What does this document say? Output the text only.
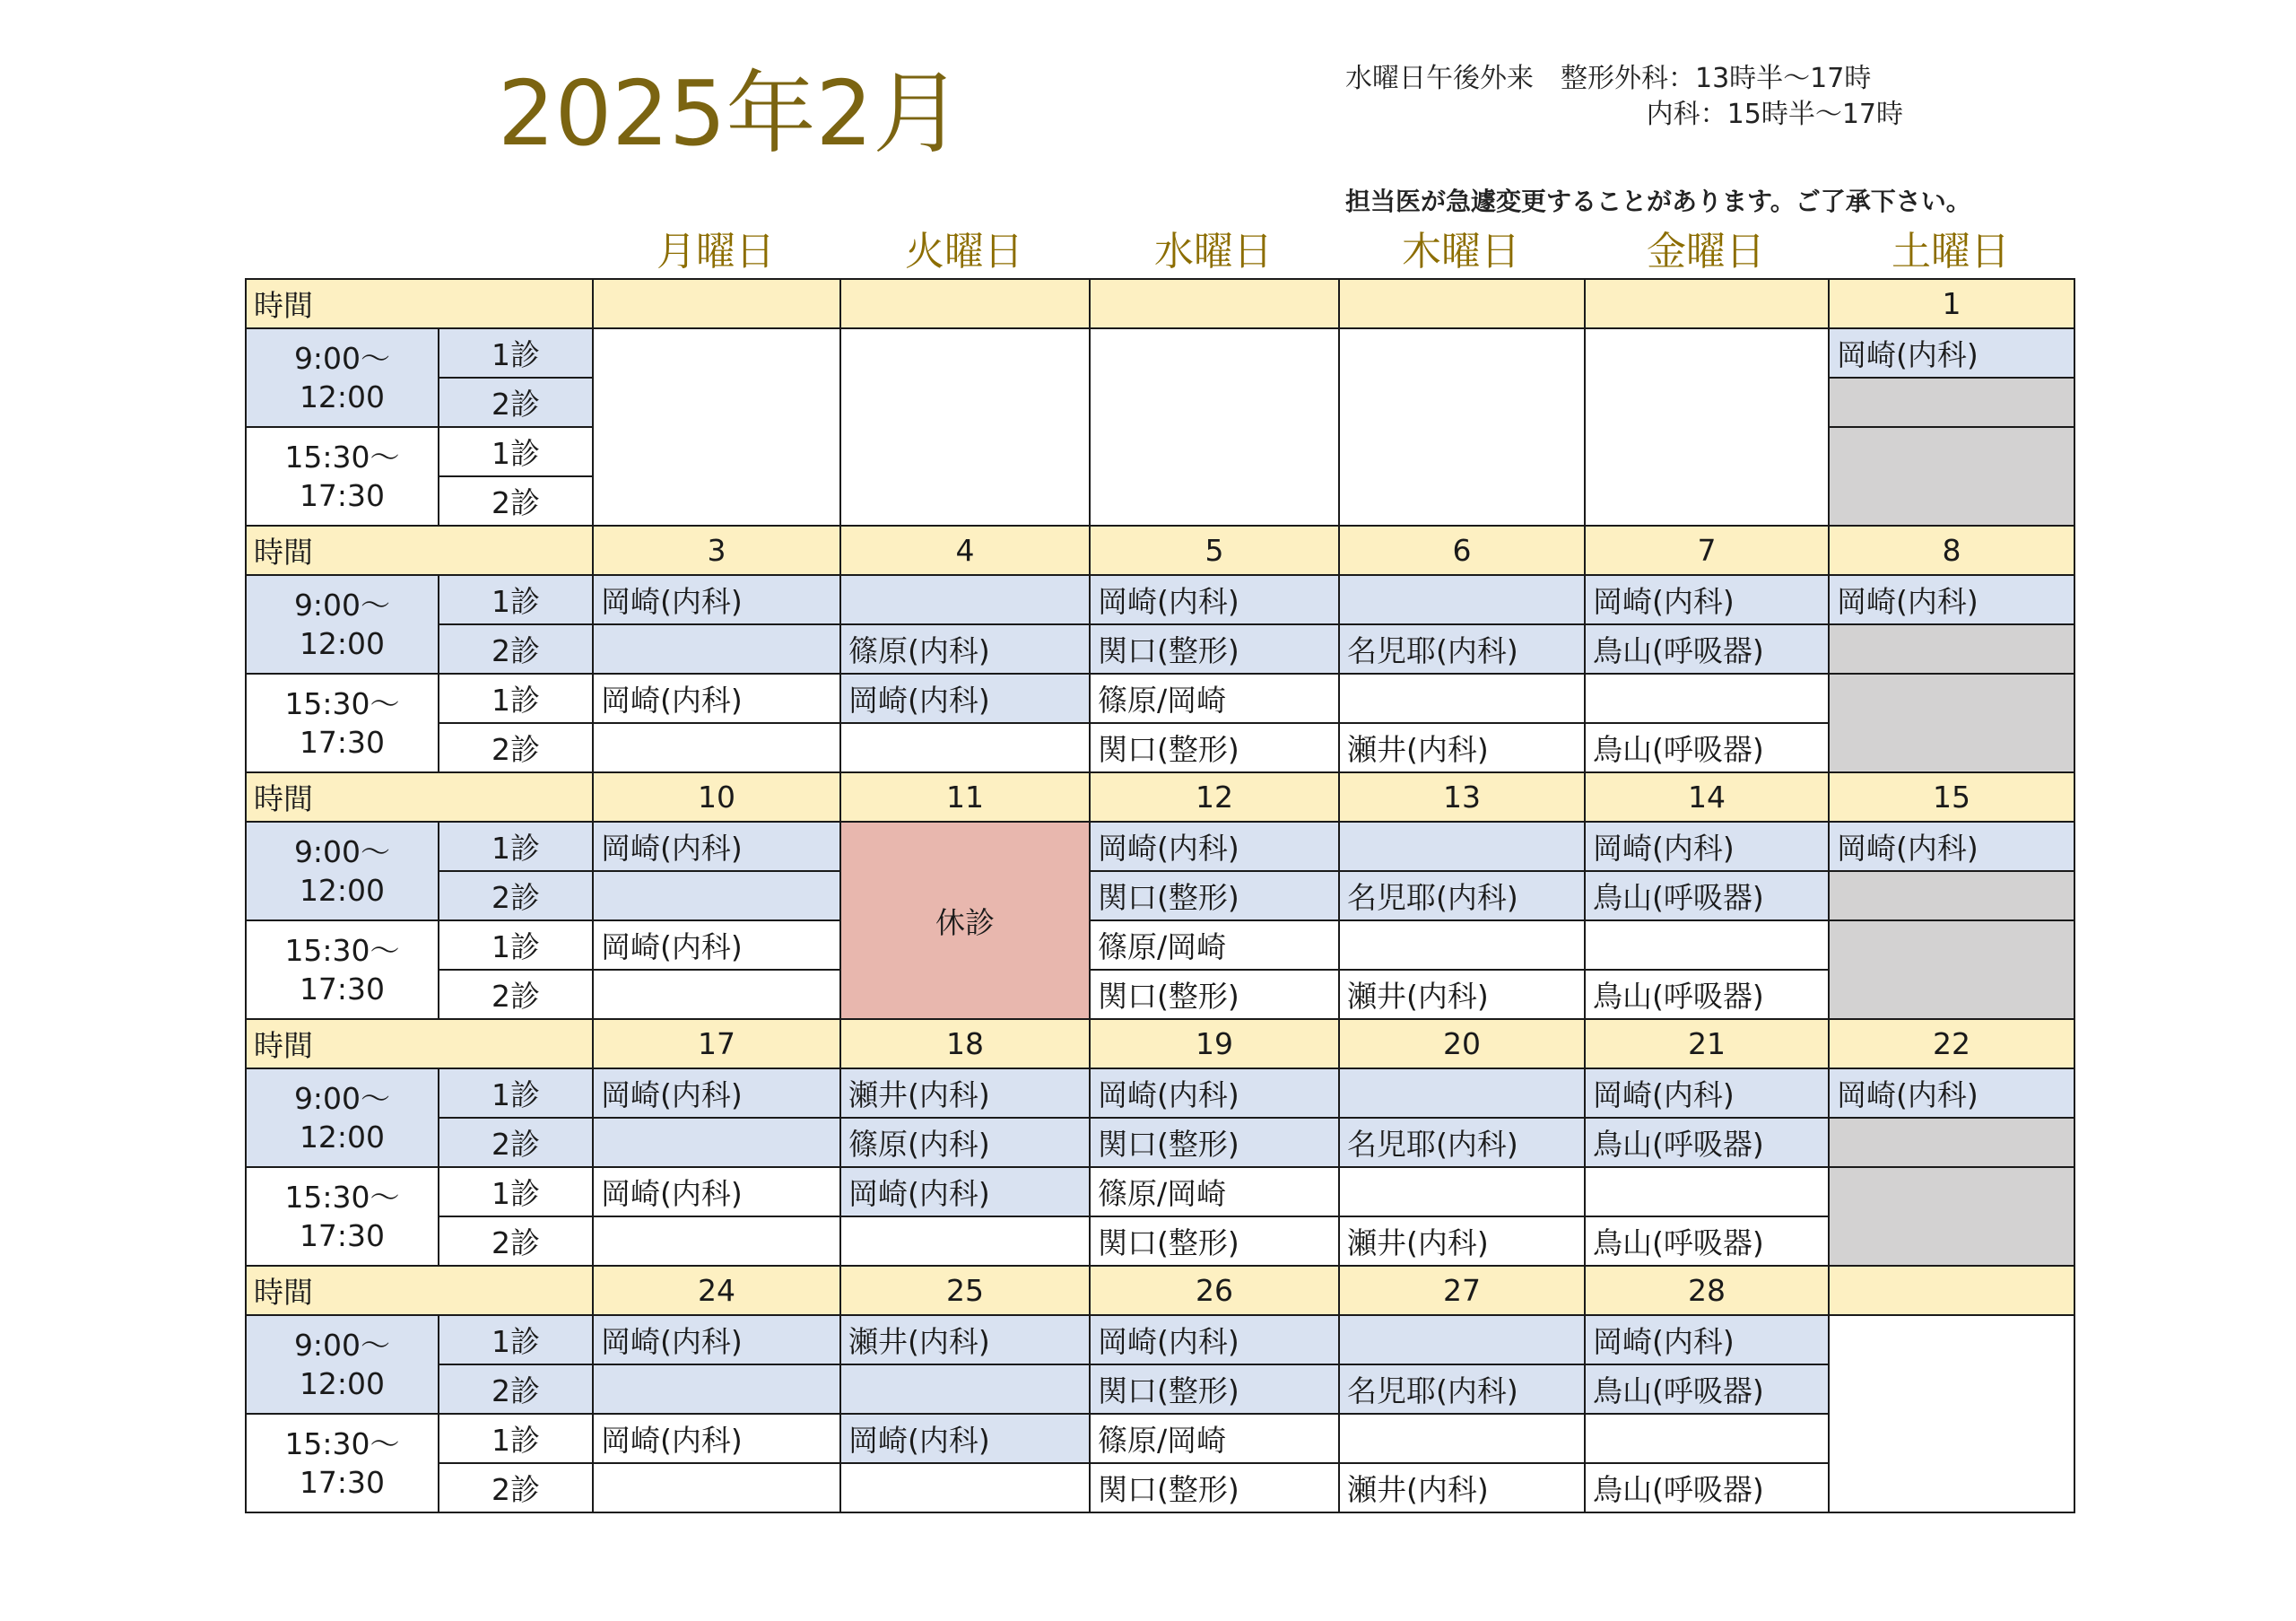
2025年2月	水曜日午後外来　整形外科：13時半～17時
内科：15時半～17時
担当医が急遽変更することがあります。ご了承下さい。
月曜日	火曜日	水曜日	木曜日	金曜日	土曜日
時間							1

9:00～
12:00	1診						岡崎(内科)
	2診						

15:30～
17:30	1診						
	2診						
時間		3	4	5	6	7	8

9:00～
12:00	1診	岡崎(内科)		岡崎(内科)		岡崎(内科)	岡崎(内科)
	2診		篠原(内科)	関口(整形)	名児耶(内科)	鳥山(呼吸器)	

15:30～
17:30	1診	岡崎(内科)	岡崎(内科)	篠原/岡崎			
	2診			関口(整形)	瀬井(内科)	鳥山(呼吸器)	
時間		10	11	12	13	14	15

9:00～
12:00	1診	岡崎(内科)	休診	岡崎(内科)		岡崎(内科)	岡崎(内科)
	2診			関口(整形)	名児耶(内科)	鳥山(呼吸器)	

15:30～
17:30	1診	岡崎(内科)		篠原/岡崎			
	2診			関口(整形)	瀬井(内科)	鳥山(呼吸器)	
時間		17	18	19	20	21	22

9:00～
12:00	1診	岡崎(内科)	瀬井(内科)	岡崎(内科)		岡崎(内科)	岡崎(内科)
	2診		篠原(内科)	関口(整形)	名児耶(内科)	鳥山(呼吸器)	

15:30～
17:30	1診	岡崎(内科)	岡崎(内科)	篠原/岡崎			
	2診			関口(整形)	瀬井(内科)	鳥山(呼吸器)	
時間		24	25	26	27	28	

9:00～
12:00	1診	岡崎(内科)	瀬井(内科)	岡崎(内科)		岡崎(内科)	
	2診			関口(整形)	名児耶(内科)	鳥山(呼吸器)	

15:30～
17:30	1診	岡崎(内科)	岡崎(内科)	篠原/岡崎			
	2診			関口(整形)	瀬井(内科)	鳥山(呼吸器)	
